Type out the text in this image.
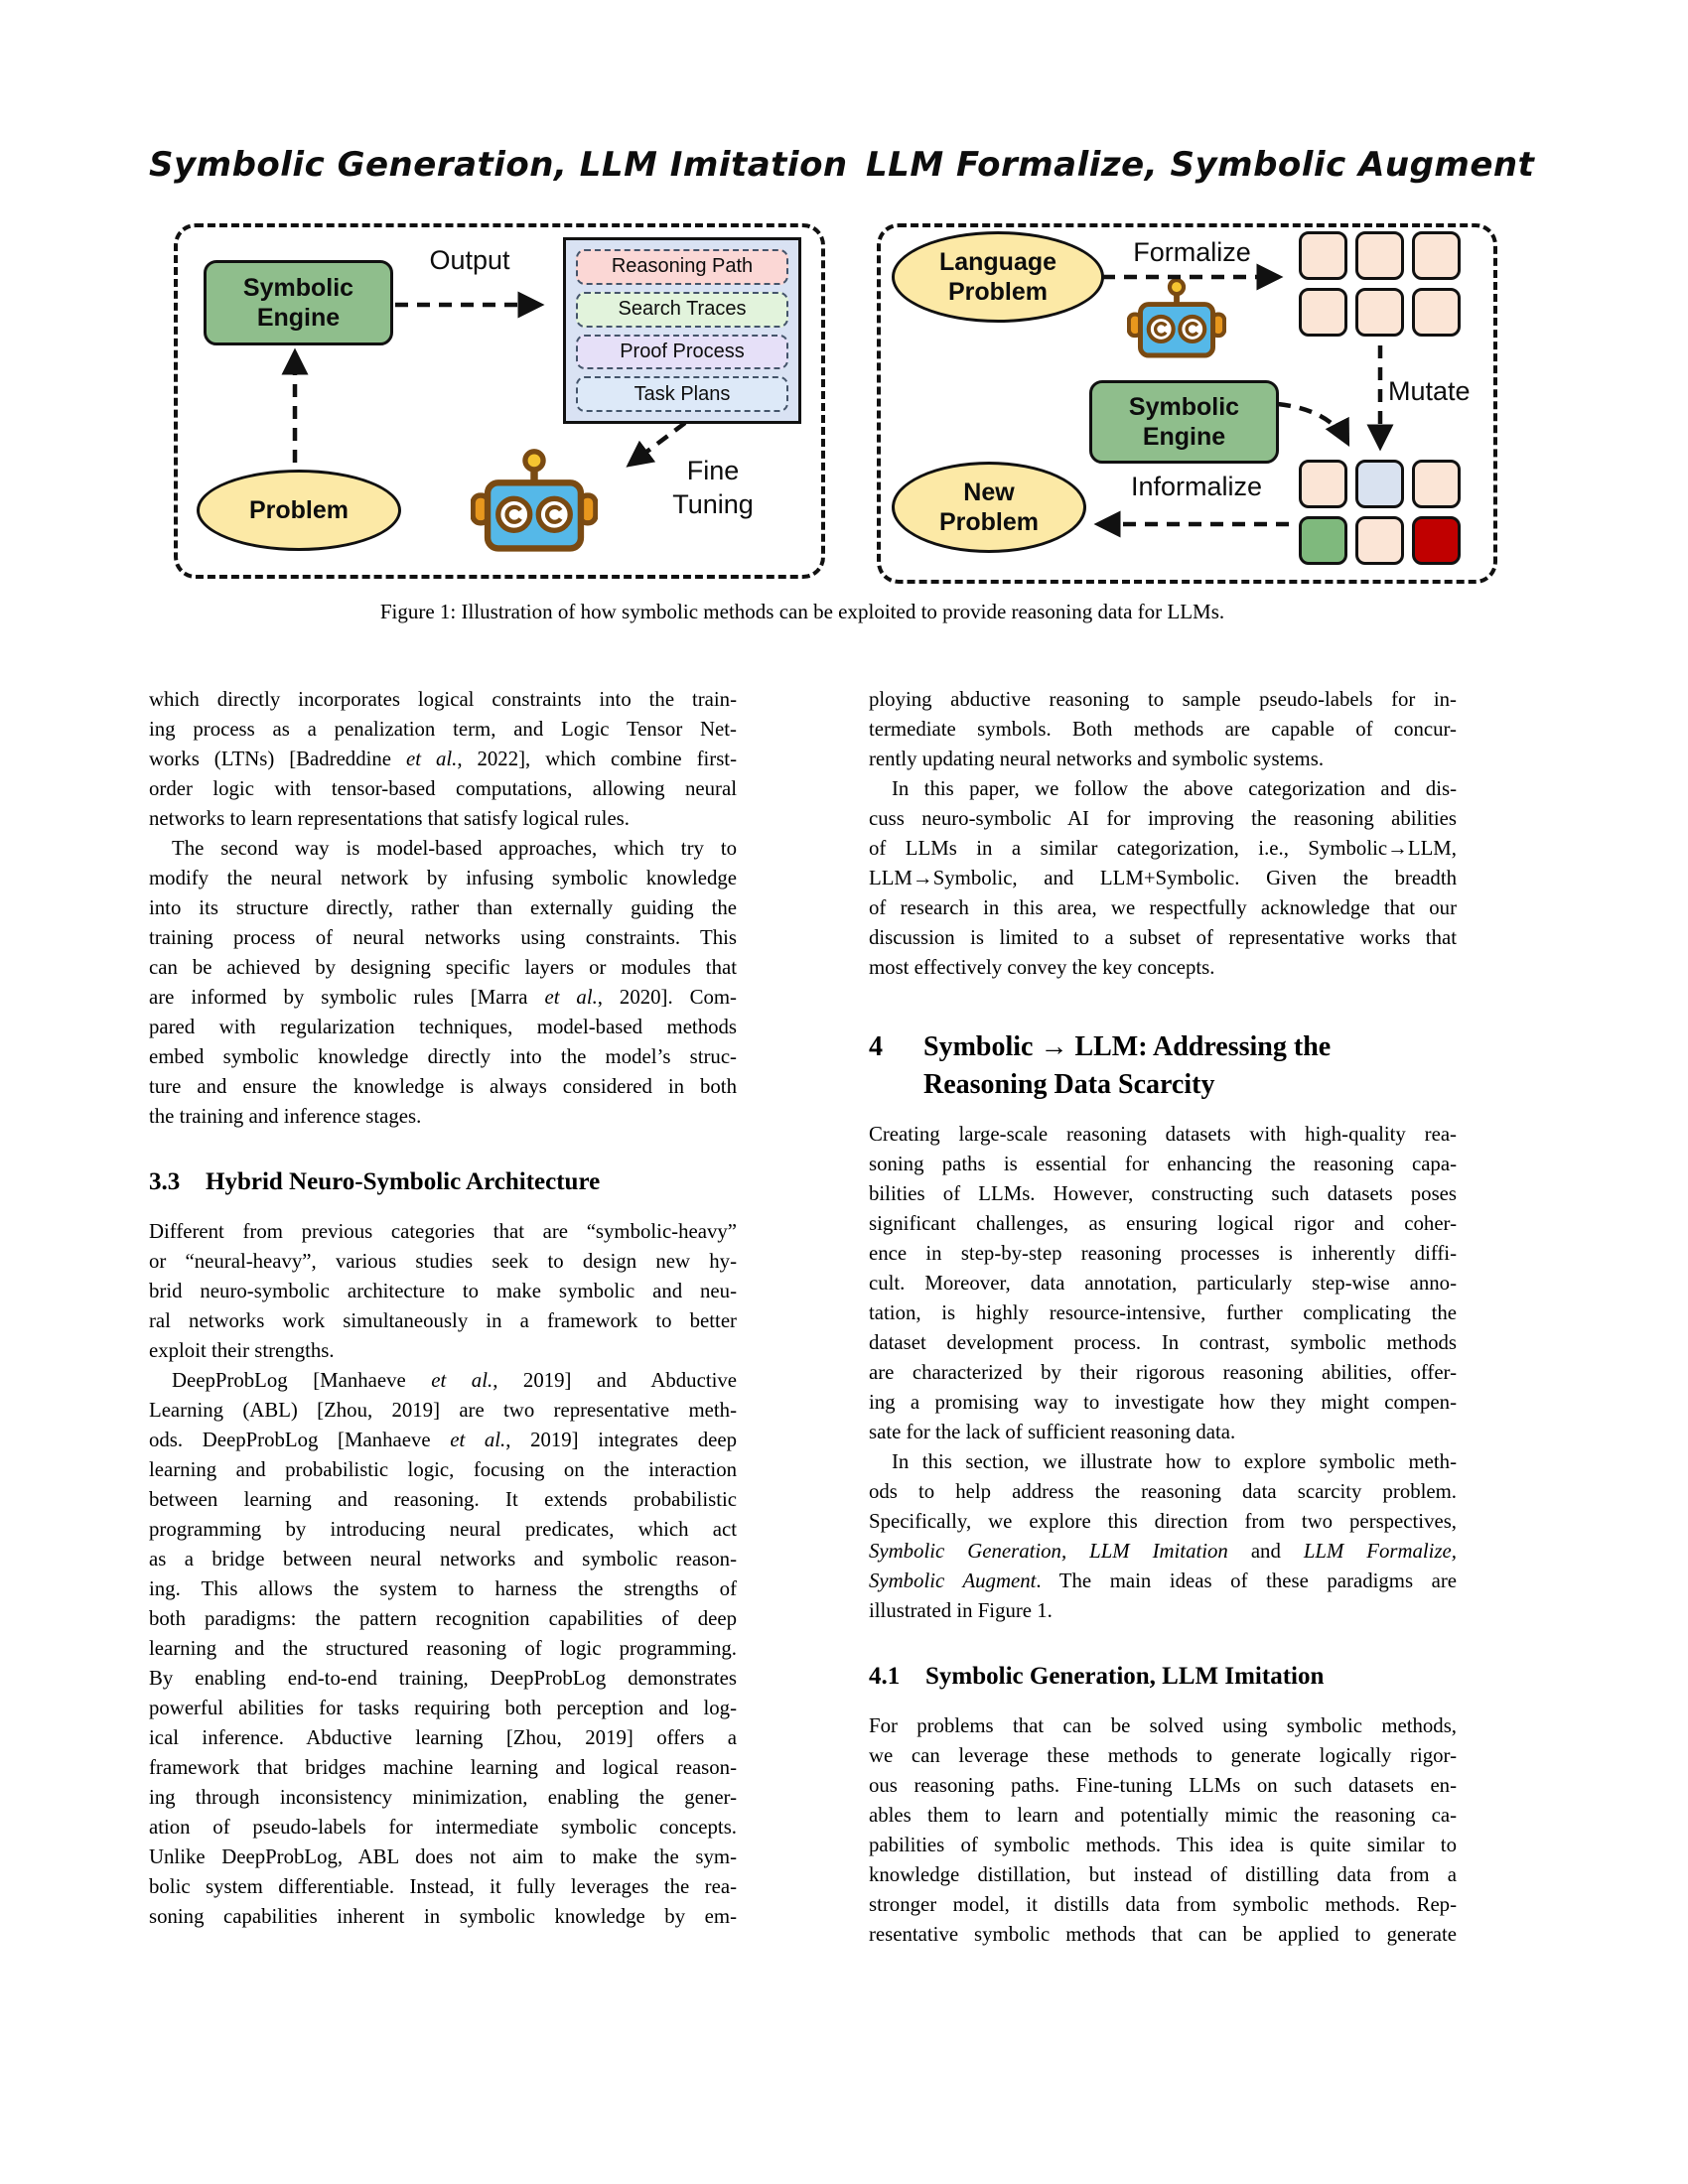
Symbolic Generation, LLM Imitation LLM Formalize, Symbolic Augment
Symbolic
Engine
Output	Reasoning Path
Search Traces
Proof Process
Task Plans
Problem
Fine
Tuning
Language
Problem
Formalize
Mutate
Symbolic
Engine
New
Problem
Informalize
Figure 1: Illustration of how symbolic methods can be exploited to provide reasoning data for LLMs.
which directly incorporates logical constraints into the train-
ing process as a penalization term, and Logic Tensor Net-
works (LTNs) [Badreddine et al., 2022], which combine first-
order logic with tensor-based computations, allowing neural
networks to learn representations that satisfy logical rules.
The second way is model-based approaches, which try to
modify the neural network by infusing symbolic knowledge
into its structure directly, rather than externally guiding the
training process of neural networks using constraints. This
can be achieved by designing specific layers or modules that
are informed by symbolic rules [Marra et al., 2020]. Com-
pared with regularization techniques, model-based methods
embed symbolic knowledge directly into the model’s struc-
ture and ensure the knowledge is always considered in both
the training and inference stages.
3.3	Hybrid Neuro-Symbolic Architecture
Different from previous categories that are “symbolic-heavy”
or “neural-heavy”, various studies seek to design new hy-
brid neuro-symbolic architecture to make symbolic and neu-
ral networks work simultaneously in a framework to better
exploit their strengths.
DeepProbLog [Manhaeve et al., 2019] and Abductive
Learning (ABL) [Zhou, 2019] are two representative meth-
ods. DeepProbLog [Manhaeve et al., 2019] integrates deep
learning and probabilistic logic, focusing on the interaction
between learning and reasoning. It extends probabilistic
programming by introducing neural predicates, which act
as a bridge between neural networks and symbolic reason-
ing. This allows the system to harness the strengths of
both paradigms: the pattern recognition capabilities of deep
learning and the structured reasoning of logic programming.
By enabling end-to-end training, DeepProbLog demonstrates
powerful abilities for tasks requiring both perception and log-
ical inference. Abductive learning [Zhou, 2019] offers a
framework that bridges machine learning and logical reason-
ing through inconsistency minimization, enabling the gener-
ation of pseudo-labels for intermediate symbolic concepts.
Unlike DeepProbLog, ABL does not aim to make the sym-
bolic system differentiable. Instead, it fully leverages the rea-
soning capabilities inherent in symbolic knowledge by em-
ploying abductive reasoning to sample pseudo-labels for in-
termediate symbols. Both methods are capable of concur-
rently updating neural networks and symbolic systems.
In this paper, we follow the above categorization and dis-
cuss neuro-symbolic AI for improving the reasoning abilities
of LLMs in a similar categorization, i.e., Symbolic→LLM,
LLM→Symbolic, and LLM+Symbolic. Given the breadth
of research in this area, we respectfully acknowledge that our
discussion is limited to a subset of representative works that
most effectively convey the key concepts.
4	Symbolic → LLM: Addressing the
Reasoning Data Scarcity
Creating large-scale reasoning datasets with high-quality rea-
soning paths is essential for enhancing the reasoning capa-
bilities of LLMs. However, constructing such datasets poses
significant challenges, as ensuring logical rigor and coher-
ence in step-by-step reasoning processes is inherently diffi-
cult. Moreover, data annotation, particularly step-wise anno-
tation, is highly resource-intensive, further complicating the
dataset development process. In contrast, symbolic methods
are characterized by their rigorous reasoning abilities, offer-
ing a promising way to investigate how they might compen-
sate for the lack of sufficient reasoning data.
In this section, we illustrate how to explore symbolic meth-
ods to help address the reasoning data scarcity problem.
Specifically, we explore this direction from two perspectives,
Symbolic Generation, LLM Imitation and LLM Formalize,
Symbolic Augment. The main ideas of these paradigms are
illustrated in Figure 1.
4.1	Symbolic Generation, LLM Imitation
For problems that can be solved using symbolic methods,
we can leverage these methods to generate logically rigor-
ous reasoning paths. Fine-tuning LLMs on such datasets en-
ables them to learn and potentially mimic the reasoning ca-
pabilities of symbolic methods. This idea is quite similar to
knowledge distillation, but instead of distilling data from a
stronger model, it distills data from symbolic methods. Rep-
resentative symbolic methods that can be applied to generate
